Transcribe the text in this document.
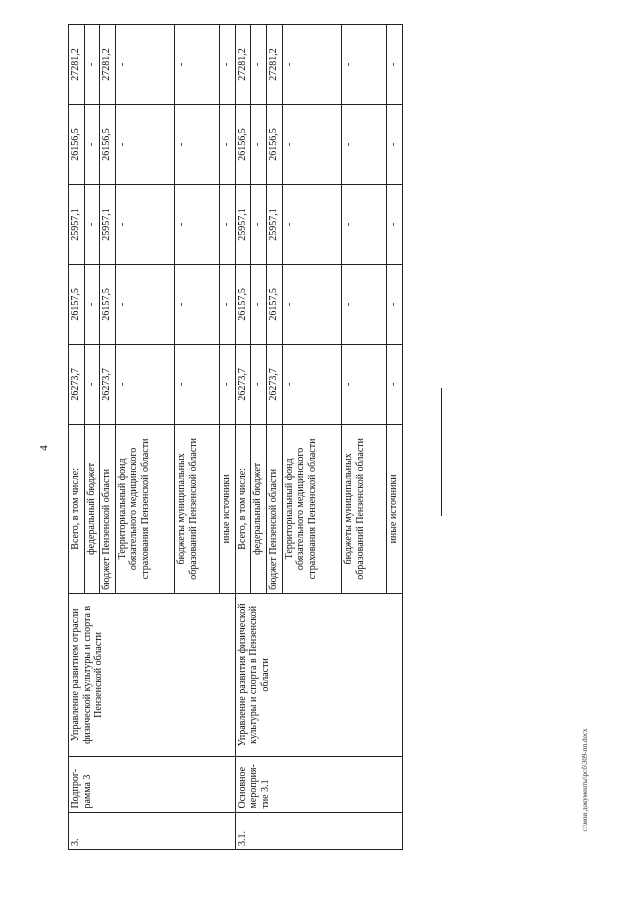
4
c:\мои документы\рсб\309-пп.docx
3.	Подпрог-рамма 3	Управление развитием отрасли физической культуры и спорта в Пензенской области	Всего, в том числе:	26273,7	26157,5	25957,1	26156,5	27281,2
			федеральный бюджет	-	-	-	-	-
			бюджет Пензенской области	26273,7	26157,5	25957,1	26156,5	27281,2
			Территориальный фонд обязательного медицинского страхования Пензенской области	-	-	-	-	-
			бюджеты муниципальных образований Пензенской области	-	-	-	-	-
			иные источники	-	-	-	-	-
3.1.	Основное мероприя-тие 3.1	Управление развития физической культуры и спорта в Пензенской области	Всего, в том числе:	26273,7	26157,5	25957,1	26156,5	27281,2
			федеральный бюджет	-	-	-	-	-
			бюджет Пензенской области	26273,7	26157,5	25957,1	26156,5	27281,2
			Территориальный фонд обязательного медицинского страхования Пензенской области	-	-	-	-	-
			бюджеты муниципальных образований Пензенской области	-	-	-	-	-
			иные источники	-	-	-	-	-
